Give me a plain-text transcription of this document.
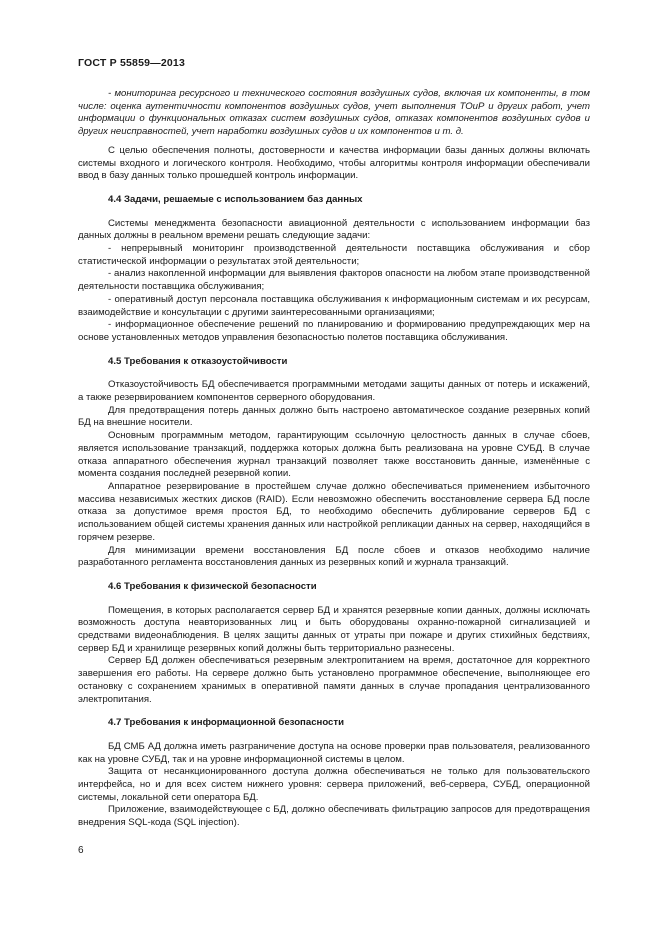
ГОСТ Р 55859—2013

- мониторинга ресурсного и технического состояния воздушных судов, включая их компоненты, в том числе: оценка аутентичности компонентов воздушных судов, учет выполнения ТОиР и других работ, учет информации о функциональных отказах систем воздушных судов, отказах компонентов воздушных судов и других неисправностей, учет наработки воздушных судов и их компонентов и т. д.

С целью обеспечения полноты, достоверности и качества информации базы данных должны включать системы входного и логического контроля. Необходимо, чтобы алгоритмы контроля информации обеспечивали ввод в базу данных только прошедшей контроль информации.

4.4 Задачи, решаемые с использованием баз данных

Системы менеджмента безопасности авиационной деятельности с использованием информации баз данных должны в реальном времени решать следующие задачи:

- непрерывный мониторинг производственной деятельности поставщика обслуживания и сбор статистической информации о результатах этой деятельности;

- анализ накопленной информации для выявления факторов опасности на любом этапе производственной деятельности поставщика обслуживания;

- оперативный доступ персонала поставщика обслуживания к информационным системам и их ресурсам, взаимодействие и консультации с другими заинтересованными организациями;

- информационное обеспечение решений по планированию и формированию предупреждающих мер на основе установленных методов управления безопасностью полетов поставщика обслуживания.

4.5 Требования к отказоустойчивости

Отказоустойчивость БД обеспечивается программными методами защиты данных от потерь и искажений, а также резервированием компонентов серверного оборудования.

Для предотвращения потерь данных должно быть настроено автоматическое создание резервных копий БД на внешние носители.

Основным программным методом, гарантирующим ссылочную целостность данных в случае сбоев, является использование транзакций, поддержка которых должна быть реализована на уровне СУБД. В случае отказа аппаратного обеспечения журнал транзакций позволяет также восстановить данные, изменённые с момента создания последней резервной копии.

Аппаратное резервирование в простейшем случае должно обеспечиваться применением избыточного массива независимых жестких дисков (RAID). Если невозможно обеспечить восстановление сервера БД после отказа за допустимое время простоя БД, то необходимо обеспечить дублирование серверов БД с использованием общей системы хранения данных или настройкой репликации данных на сервер, находящийся в горячем резерве.

Для минимизации времени восстановления БД после сбоев и отказов необходимо наличие разработанного регламента восстановления данных из резервных копий и журнала транзакций.

4.6 Требования к физической безопасности

Помещения, в которых располагается сервер БД и хранятся резервные копии данных, должны исключать возможность доступа неавторизованных лиц и быть оборудованы охранно-пожарной сигнализацией и средствами видеонаблюдения. В целях защиты данных от утраты при пожаре и других стихийных бедствиях, сервер БД и хранилище резервных копий должны быть территориально разнесены.

Сервер БД должен обеспечиваться резервным электропитанием на время, достаточное для корректного завершения его работы. На сервере должно быть установлено программное обеспечение, выполняющее его остановку с сохранением хранимых в оперативной памяти данных в случае пропадания централизованного электропитания.

4.7 Требования к информационной безопасности

БД СМБ АД должна иметь разграничение доступа на основе проверки прав пользователя, реализованного как на уровне СУБД, так и на уровне информационной системы в целом.

Защита от несанкционированного доступа должна обеспечиваться не только для пользовательского интерфейса, но и для всех систем нижнего уровня: сервера приложений, веб-сервера, СУБД, операционной системы, локальной сети оператора БД.

Приложение, взаимодействующее с БД, должно обеспечивать фильтрацию запросов для предотвращения внедрения SQL-кода (SQL injection).

6
